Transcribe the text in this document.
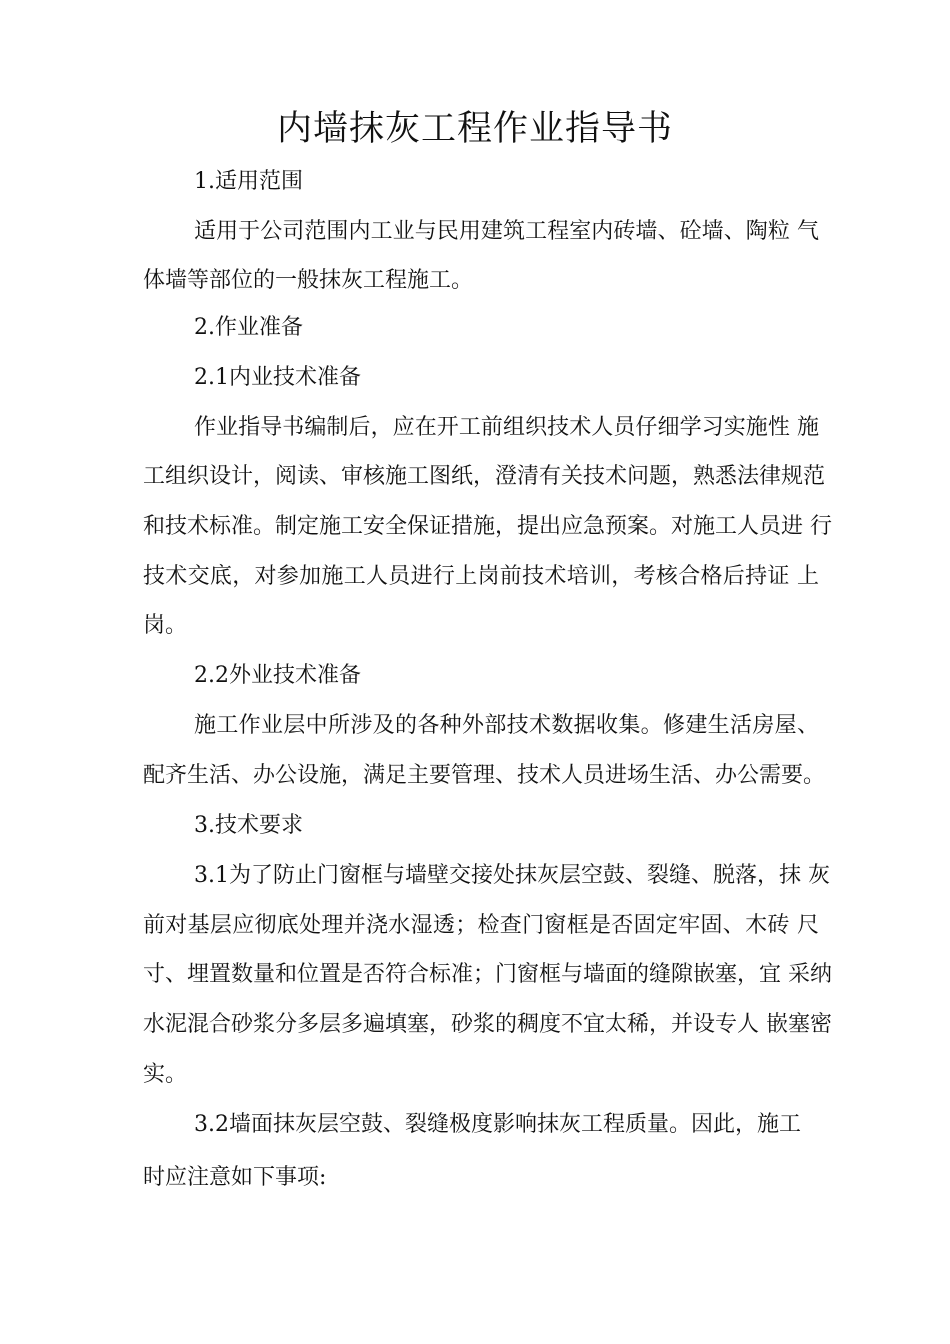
内墙抹灰工程作业指导书
1.适用范围
适用于公司范围内工业与民用建筑工程室内砖墙、砼墙、陶粒 气
体墙等部位的一般抹灰工程施工。
2.作业准备
2.1内业技术准备
作业指导书编制后，应在开工前组织技术人员仔细学习实施性 施
工组织设计，阅读、审核施工图纸，澄清有关技术问题，熟悉法律规范
和技术标准。制定施工安全保证措施，提出应急预案。对施工人员进 行
技术交底，对参加施工人员进行上岗前技术培训，考核合格后持证 上
岗。
2.2外业技术准备
施工作业层中所涉及的各种外部技术数据收集。修建生活房屋、
配齐生活、办公设施，满足主要管理、技术人员进场生活、办公需要。
3.技术要求
3.1为了防止门窗框与墙壁交接处抹灰层空鼓、裂缝、脱落，抹 灰
前对基层应彻底处理并浇水湿透；检查门窗框是否固定牢固、木砖 尺
寸、埋置数量和位置是否符合标准；门窗框与墙面的缝隙嵌塞，宜 采纳
水泥混合砂浆分多层多遍填塞，砂浆的稠度不宜太稀，并设专人 嵌塞密
实。
3.2墙面抹灰层空鼓、裂缝极度影响抹灰工程质量。因此，施工
时应注意如下事项:
